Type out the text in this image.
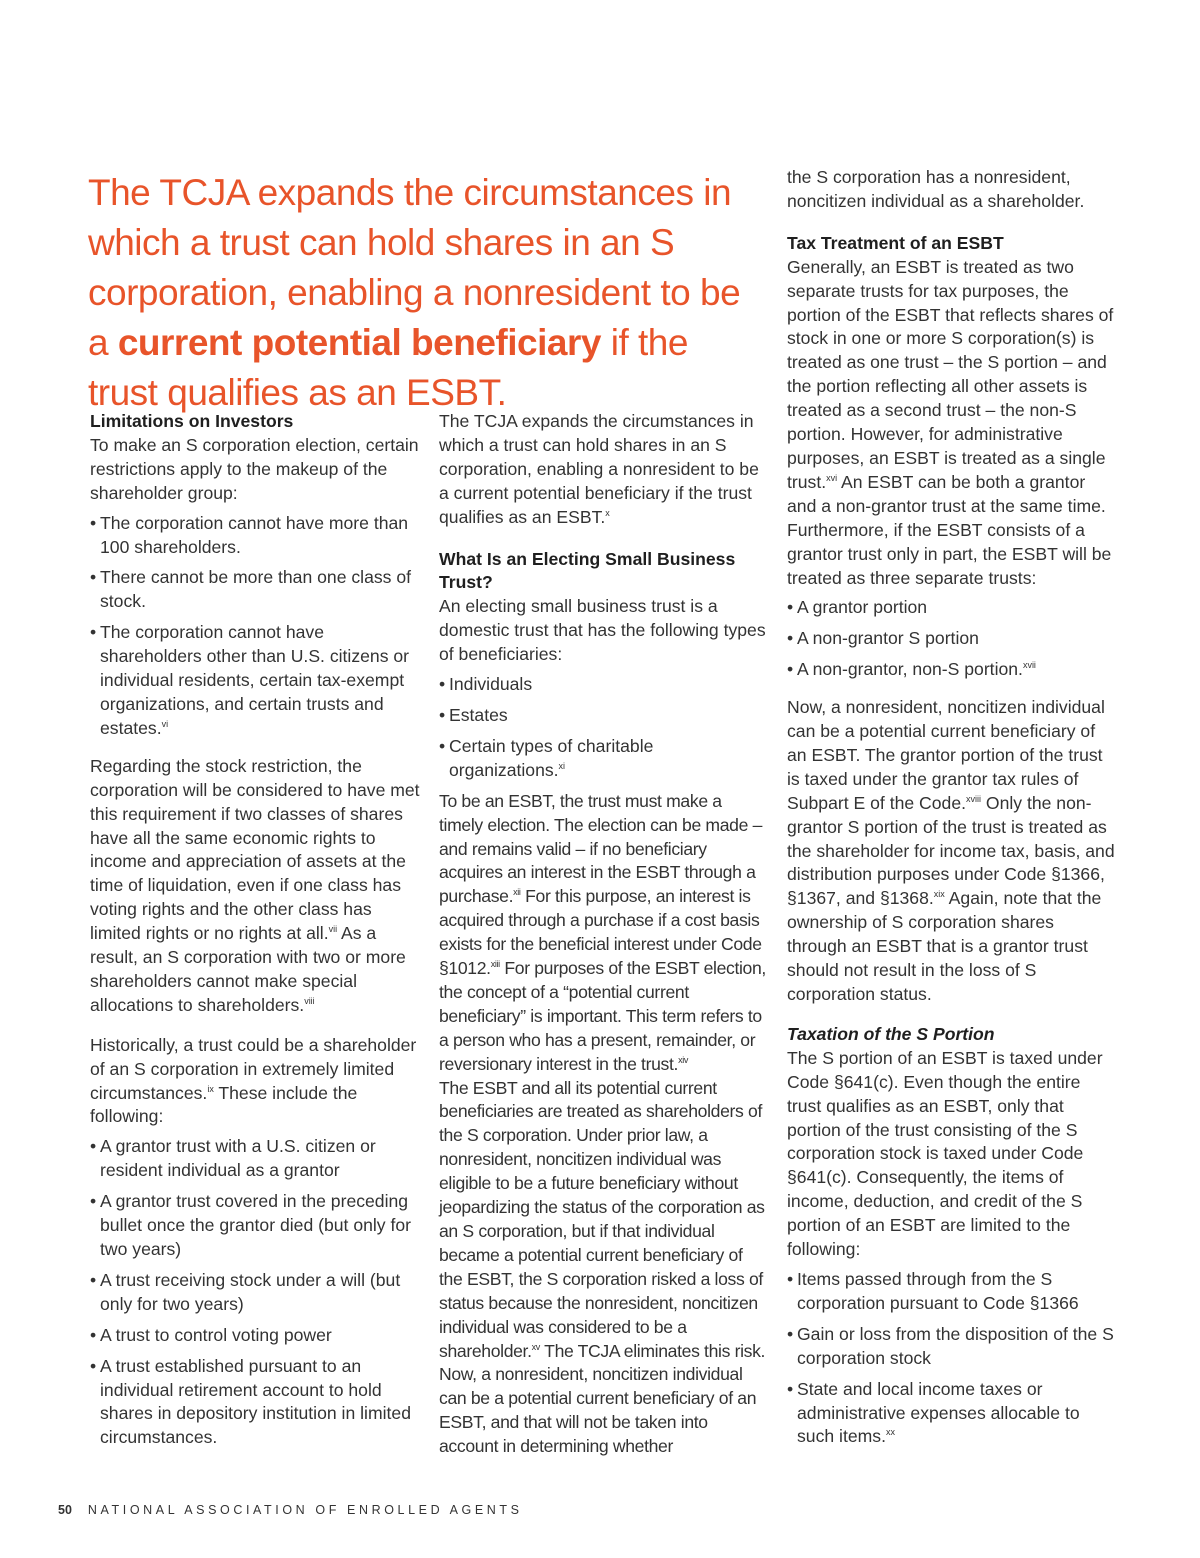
The TCJA expands the circumstances in which a trust can hold shares in an S corporation, enabling a nonresident to be a current potential beneficiary if the trust qualifies as an ESBT.

Limitations on Investors

To make an S corporation election, certain restrictions apply to the makeup of the shareholder group:

• The corporation cannot have more than 100 shareholders.
• There cannot be more than one class of stock.
• The corporation cannot have shareholders other than U.S. citizens or individual residents, certain tax-exempt organizations, and certain trusts and estates.$^{vi}$

Regarding the stock restriction, the corporation will be considered to have met this requirement if two classes of shares have all the same economic rights to income and appreciation of assets at the time of liquidation, even if one class has voting rights and the other class has limited rights or no rights at all.$^{vii}$ As a result, an S corporation with two or more shareholders cannot make special allocations to shareholders.$^{viii}$

Historically, a trust could be a shareholder of an S corporation in extremely limited circumstances.$^{ix}$ These include the following:

• A grantor trust with a U.S. citizen or resident individual as a grantor
• A grantor trust covered in the preceding bullet once the grantor died (but only for two years)
• A trust receiving stock under a will (but only for two years)
• A trust to control voting power
• A trust established pursuant to an individual retirement account to hold shares in depository institution in limited circumstances.

The TCJA expands the circumstances in which a trust can hold shares in an S corporation, enabling a nonresident to be a current potential beneficiary if the trust qualifies as an ESBT.$^x$

What Is an Electing Small Business Trust?

An electing small business trust is a domestic trust that has the following types of beneficiaries:

• Individuals
• Estates
• Certain types of charitable organizations.$^{xi}$

To be an ESBT, the trust must make a timely election. The election can be made – and remains valid – if no beneficiary acquires an interest in the ESBT through a purchase.$^{xii}$ For this purpose, an interest is acquired through a purchase if a cost basis exists for the beneficial interest under Code §1012.$^{xiii}$ For purposes of the ESBT election, the concept of a “potential current beneficiary” is important. This term refers to a person who has a present, remainder, or reversionary interest in the trust.$^{xiv}$

The ESBT and all its potential current beneficiaries are treated as shareholders of the S corporation. Under prior law, a nonresident, noncitizen individual was eligible to be a future beneficiary without jeopardizing the status of the corporation as an S corporation, but if that individual became a potential current beneficiary of the ESBT, the S corporation risked a loss of status because the nonresident, noncitizen individual was considered to be a shareholder.$^{xv}$ The TCJA eliminates this risk. Now, a nonresident, noncitizen individual can be a potential current beneficiary of an ESBT, and that will not be taken into account in determining whether

the S corporation has a nonresident, noncitizen individual as a shareholder.

Tax Treatment of an ESBT

Generally, an ESBT is treated as two separate trusts for tax purposes, the portion of the ESBT that reflects shares of stock in one or more S corporation(s) is treated as one trust – the S portion – and the portion reflecting all other assets is treated as a second trust – the non-S portion. However, for administrative purposes, an ESBT is treated as a single trust.$^{xvi}$ An ESBT can be both a grantor and a non-grantor trust at the same time. Furthermore, if the ESBT consists of a grantor trust only in part, the ESBT will be treated as three separate trusts:

• A grantor portion
• A non-grantor S portion
• A non-grantor, non-S portion.$^{xvii}$

Now, a nonresident, noncitizen individual can be a potential current beneficiary of an ESBT. The grantor portion of the trust is taxed under the grantor tax rules of Subpart E of the Code.$^{xviii}$ Only the non-grantor S portion of the trust is treated as the shareholder for income tax, basis, and distribution purposes under Code §1366, §1367, and §1368.$^{xix}$ Again, note that the ownership of S corporation shares through an ESBT that is a grantor trust should not result in the loss of S corporation status.

Taxation of the S Portion

The S portion of an ESBT is taxed under Code §641(c). Even though the entire trust qualifies as an ESBT, only that portion of the trust consisting of the S corporation stock is taxed under Code §641(c). Consequently, the items of income, deduction, and credit of the S portion of an ESBT are limited to the following:

• Items passed through from the S corporation pursuant to Code §1366
• Gain or loss from the disposition of the S corporation stock
• State and local income taxes or administrative expenses allocable to such items.$^{xx}$
50 NATIONAL ASSOCIATION OF ENROLLED AGENTS
